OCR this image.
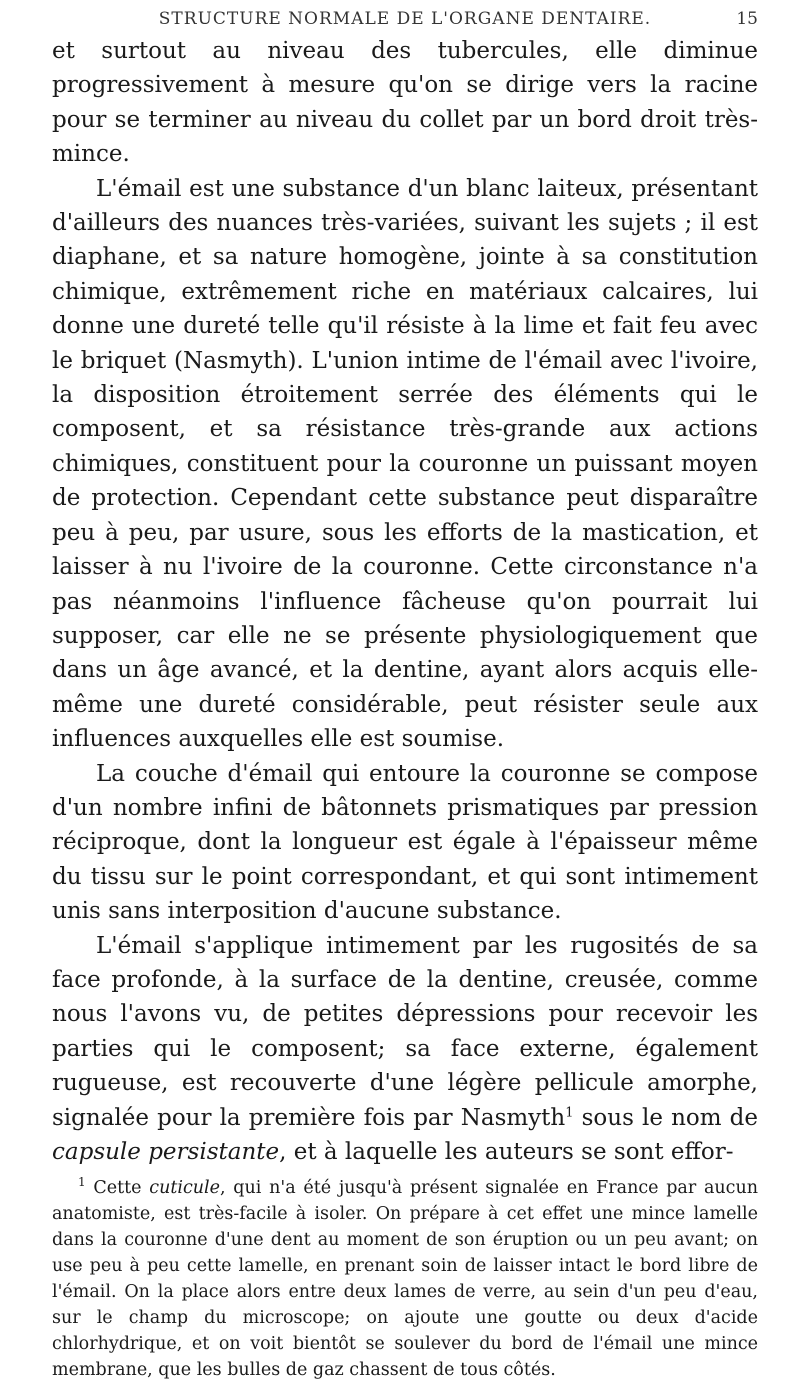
STRUCTURE NORMALE DE L'ORGANE DENTAIRE.	15

et surtout au niveau des tubercules, elle diminue progressivement à mesure qu'on se dirige vers la racine pour se terminer au niveau du collet par un bord droit très-mince.

L'émail est une substance d'un blanc laiteux, présentant d'ailleurs des nuances très-variées, suivant les sujets ; il est diaphane, et sa nature homogène, jointe à sa constitution chimique, extrêmement riche en matériaux calcaires, lui donne une dureté telle qu'il résiste à la lime et fait feu avec le briquet (Nasmyth). L'union intime de l'émail avec l'ivoire, la disposition étroitement serrée des éléments qui le composent, et sa résistance très-grande aux actions chimiques, constituent pour la couronne un puissant moyen de protection. Cependant cette substance peut disparaître peu à peu, par usure, sous les efforts de la mastication, et laisser à nu l'ivoire de la couronne. Cette circonstance n'a pas néanmoins l'influence fâcheuse qu'on pourrait lui supposer, car elle ne se présente physiologiquement que dans un âge avancé, et la dentine, ayant alors acquis elle-même une dureté considérable, peut résister seule aux influences auxquelles elle est soumise.

La couche d'émail qui entoure la couronne se compose d'un nombre infini de bâtonnets prismatiques par pression réciproque, dont la longueur est égale à l'épaisseur même du tissu sur le point correspondant, et qui sont intimement unis sans interposition d'aucune substance.

L'émail s'applique intimement par les rugosités de sa face profonde, à la surface de la dentine, creusée, comme nous l'avons vu, de petites dépressions pour recevoir les parties qui le composent; sa face externe, également rugueuse, est recouverte d'une légère pellicule amorphe, signalée pour la première fois par Nasmyth$^1$ sous le nom de capsule persistante, et à laquelle les auteurs se sont effor-

$^1$ Cette cuticule, qui n'a été jusqu'à présent signalée en France par aucun anatomiste, est très-facile à isoler. On prépare à cet effet une mince lamelle dans la couronne d'une dent au moment de son éruption ou un peu avant; on use peu à peu cette lamelle, en prenant soin de laisser intact le bord libre de l'émail. On la place alors entre deux lames de verre, au sein d'un peu d'eau, sur le champ du microscope; on ajoute une goutte ou deux d'acide chlorhydrique, et on voit bientôt se soulever du bord de l'émail une mince membrane, que les bulles de gaz chassent de tous côtés.
